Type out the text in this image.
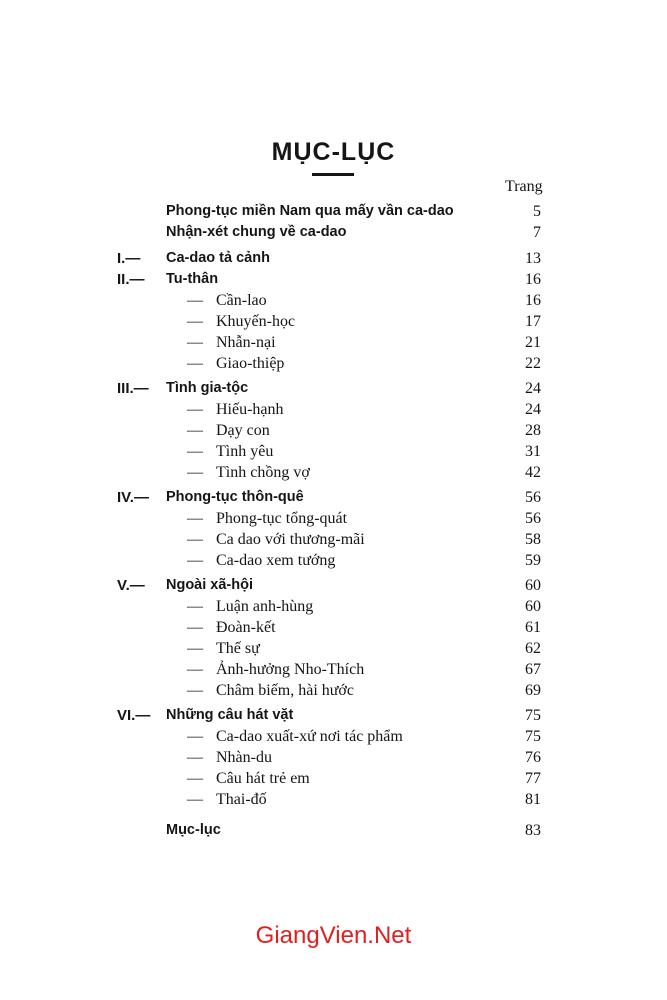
MỤC-LỤC
Trang
Phong-tục miền Nam qua mấy vần ca-dao	5
Nhận-xét chung về ca-dao	7
I.— Ca-dao tả cảnh	13
II.— Tu-thân	16
— Cần-lao	16
— Khuyến-học	17
— Nhẫn-nại	21
— Giao-thiệp	22
III.— Tình gia-tộc	24
— Hiếu-hạnh	24
— Dạy con	28
— Tình yêu	31
— Tình chồng vợ	42
IV.— Phong-tục thôn-quê	56
— Phong-tục tổng-quát	56
— Ca dao với thương-mãi	58
— Ca-dao xem tướng	59
V.— Ngoài xã-hội	60
— Luận anh-hùng	60
— Đoàn-kết	61
— Thế sự	62
— Ảnh-hưởng Nho-Thích	67
— Châm biếm, hài hước	69
VI.— Những câu hát vặt	75
— Ca-dao xuất-xứ nơi tác phẩm	75
— Nhàn-du	76
— Câu hát trẻ em	77
— Thai-đố	81
Mục-lục	83
GiangVien.Net
